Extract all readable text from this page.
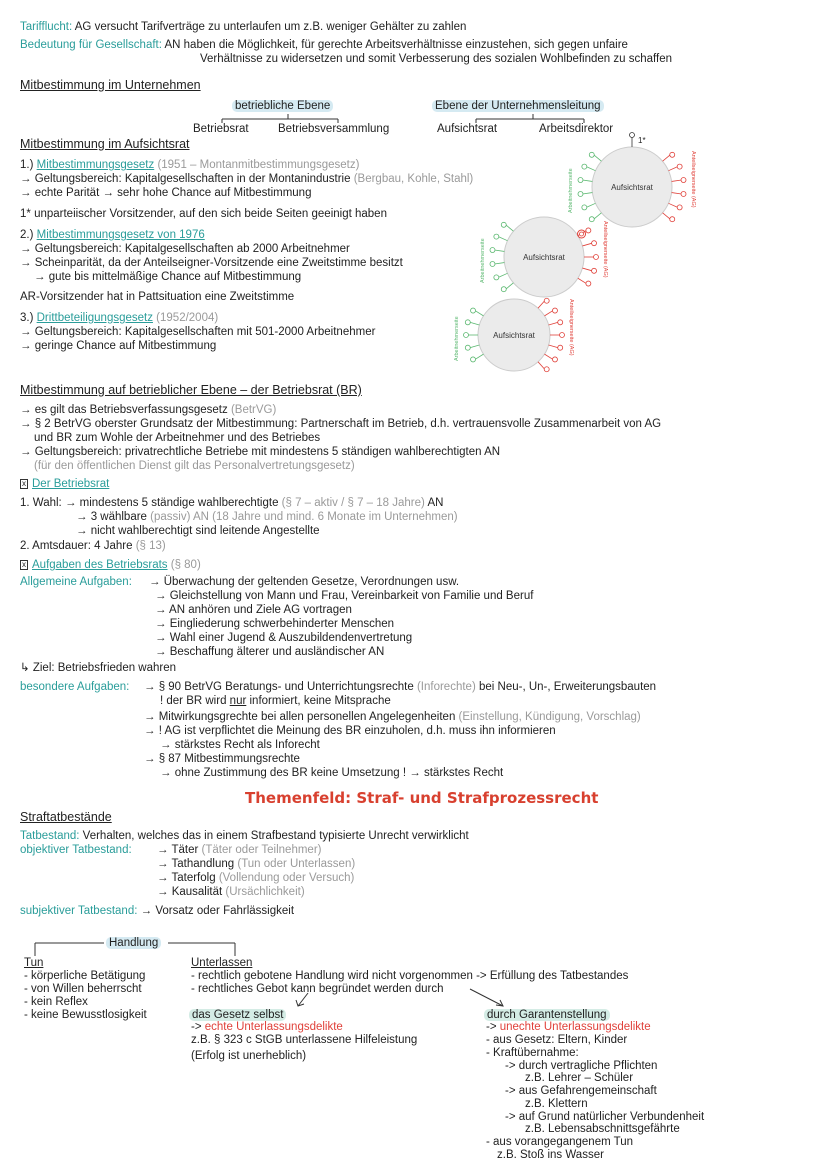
Tarifflucht: AG versucht Tarifverträge zu unterlaufen um z.B. weniger Gehälter zu zahlen
Bedeutung für Gesellschaft: AN haben die Möglichkeit, für gerechte Arbeitsverhältnisse einzustehen, sich gegen unfaire
Verhältnisse zu widersetzen und somit Verbesserung des sozialen Wohlbefinden zu schaffen
Mitbestimmung im Unternehmen
betriebliche Ebene	Ebene der Unternehmensleitung
Betriebsrat	Betriebsversammlung	Aufsichtsrat	Arbeitsdirektor
1*
Mitbestimmung im Aufsichtsrat
1.) Mitbestimmungsgesetz (1951 – Montanmitbestimmungsgesetz)
→ Geltungsbereich: Kapitalgesellschaften in der Montanindustrie (Bergbau, Kohle, Stahl)
→ echte Parität → sehr hohe Chance auf Mitbestimmung
1* unparteiischer Vorsitzender, auf den sich beide Seiten geeinigt haben
2.) Mitbestimmungsgesetz von 1976
→ Geltungsbereich: Kapitalgesellschaften ab 2000 Arbeitnehmer
→ Scheinparität, da der Anteilseigner-Vorsitzende eine Zweitstimme besitzt
→ gute bis mittelmäßige Chance auf Mitbestimmung
AR-Vorsitzender hat in Pattsituation eine Zweitstimme
3.) Drittbeteiligungsgesetz (1952/2004)
→ Geltungsbereich: Kapitalgesellschaften mit 501-2000 Arbeitnehmer
→ geringe Chance auf Mitbestimmung
Aufsichtsrat
Arbeitnehmerseite	Anteilseignerseite (AG)
Aufsichtsrat
Arbeitnehmerseite	Anteilseignerseite (AG)
Aufsichtsrat
Arbeitnehmerseite	Anteilseignerseite (AG)
Mitbestimmung auf betrieblicher Ebene – der Betriebsrat (BR)
→ es gilt das Betriebsverfassungsgesetz (BetrVG)
→ § 2 BetrVG oberster Grundsatz der Mitbestimmung: Partnerschaft im Betrieb, d.h. vertrauensvolle Zusammenarbeit von AG
und BR zum Wohle der Arbeitnehmer und des Betriebes
→ Geltungsbereich: privatrechtliche Betriebe mit mindestens 5 ständigen wahlberechtigten AN
(für den öffentlichen Dienst gilt das Personalvertretungsgesetz)
x Der Betriebsrat
1. Wahl: → mindestens 5 ständige wahlberechtigte (§ 7 – aktiv / § 7 – 18 Jahre) AN
→ 3 wählbare (passiv) AN (18 Jahre und mind. 6 Monate im Unternehmen)
→ nicht wahlberechtigt sind leitende Angestellte
2. Amtsdauer: 4 Jahre (§ 13)
x Aufgaben des Betriebsrats (§ 80)
Allgemeine Aufgaben: → Überwachung der geltenden Gesetze, Verordnungen usw.
→ Gleichstellung von Mann und Frau, Vereinbarkeit von Familie und Beruf
→ AN anhören und Ziele AG vortragen
→ Eingliederung schwerbehinderter Menschen
→ Wahl einer Jugend & Auszubildendenvertretung
→ Beschaffung älterer und ausländischer AN
↳ Ziel: Betriebsfrieden wahren
besondere Aufgaben: → § 90 BetrVG Beratungs- und Unterrichtungsrechte (Inforechte) bei Neu-, Un-, Erweiterungsbauten
! der BR wird nur informiert, keine Mitsprache
→ Mitwirkungsgrechte bei allen personellen Angelegenheiten (Einstellung, Kündigung, Vorschlag)
→ ! AG ist verpflichtet die Meinung des BR einzuholen, d.h. muss ihn informieren
→ stärkstes Recht als Inforecht
→ § 87 Mitbestimmungsrechte
→ ohne Zustimmung des BR keine Umsetzung ! → stärkstes Recht
Themenfeld: Straf- und Strafprozessrecht
Straftatbestände
Tatbestand: Verhalten, welches das in einem Strafbestand typisierte Unrecht verwirklicht
objektiver Tatbestand: → Täter (Täter oder Teilnehmer)
→ Tathandlung (Tun oder Unterlassen)
→ Taterfolg (Vollendung oder Versuch)
→ Kausalität (Ursächlichkeit)
subjektiver Tatbestand: → Vorsatz oder Fahrlässigkeit
Handlung
Tun
- körperliche Betätigung
- von Willen beherrscht
- kein Reflex
- keine Bewusstlosigkeit
Unterlassen
- rechtlich gebotene Handlung wird nicht vorgenommen -> Erfüllung des Tatbestandes
- rechtliches Gebot kann begründet werden durch
das Gesetz selbst
-> echte Unterlassungsdelikte
z.B. § 323 c StGB unterlassene Hilfeleistung
(Erfolg ist unerheblich)
durch Garantenstellung
-> unechte Unterlassungsdelikte
- aus Gesetz: Eltern, Kinder
- Kraftübernahme:
-> durch vertragliche Pflichten
z.B. Lehrer – Schüler
-> aus Gefahrengemeinschaft
z.B. Klettern
-> auf Grund natürlicher Verbundenheit
z.B. Lebensabschnittsgefährte
- aus vorangegangenem Tun
z.B. Stoß ins Wasser
